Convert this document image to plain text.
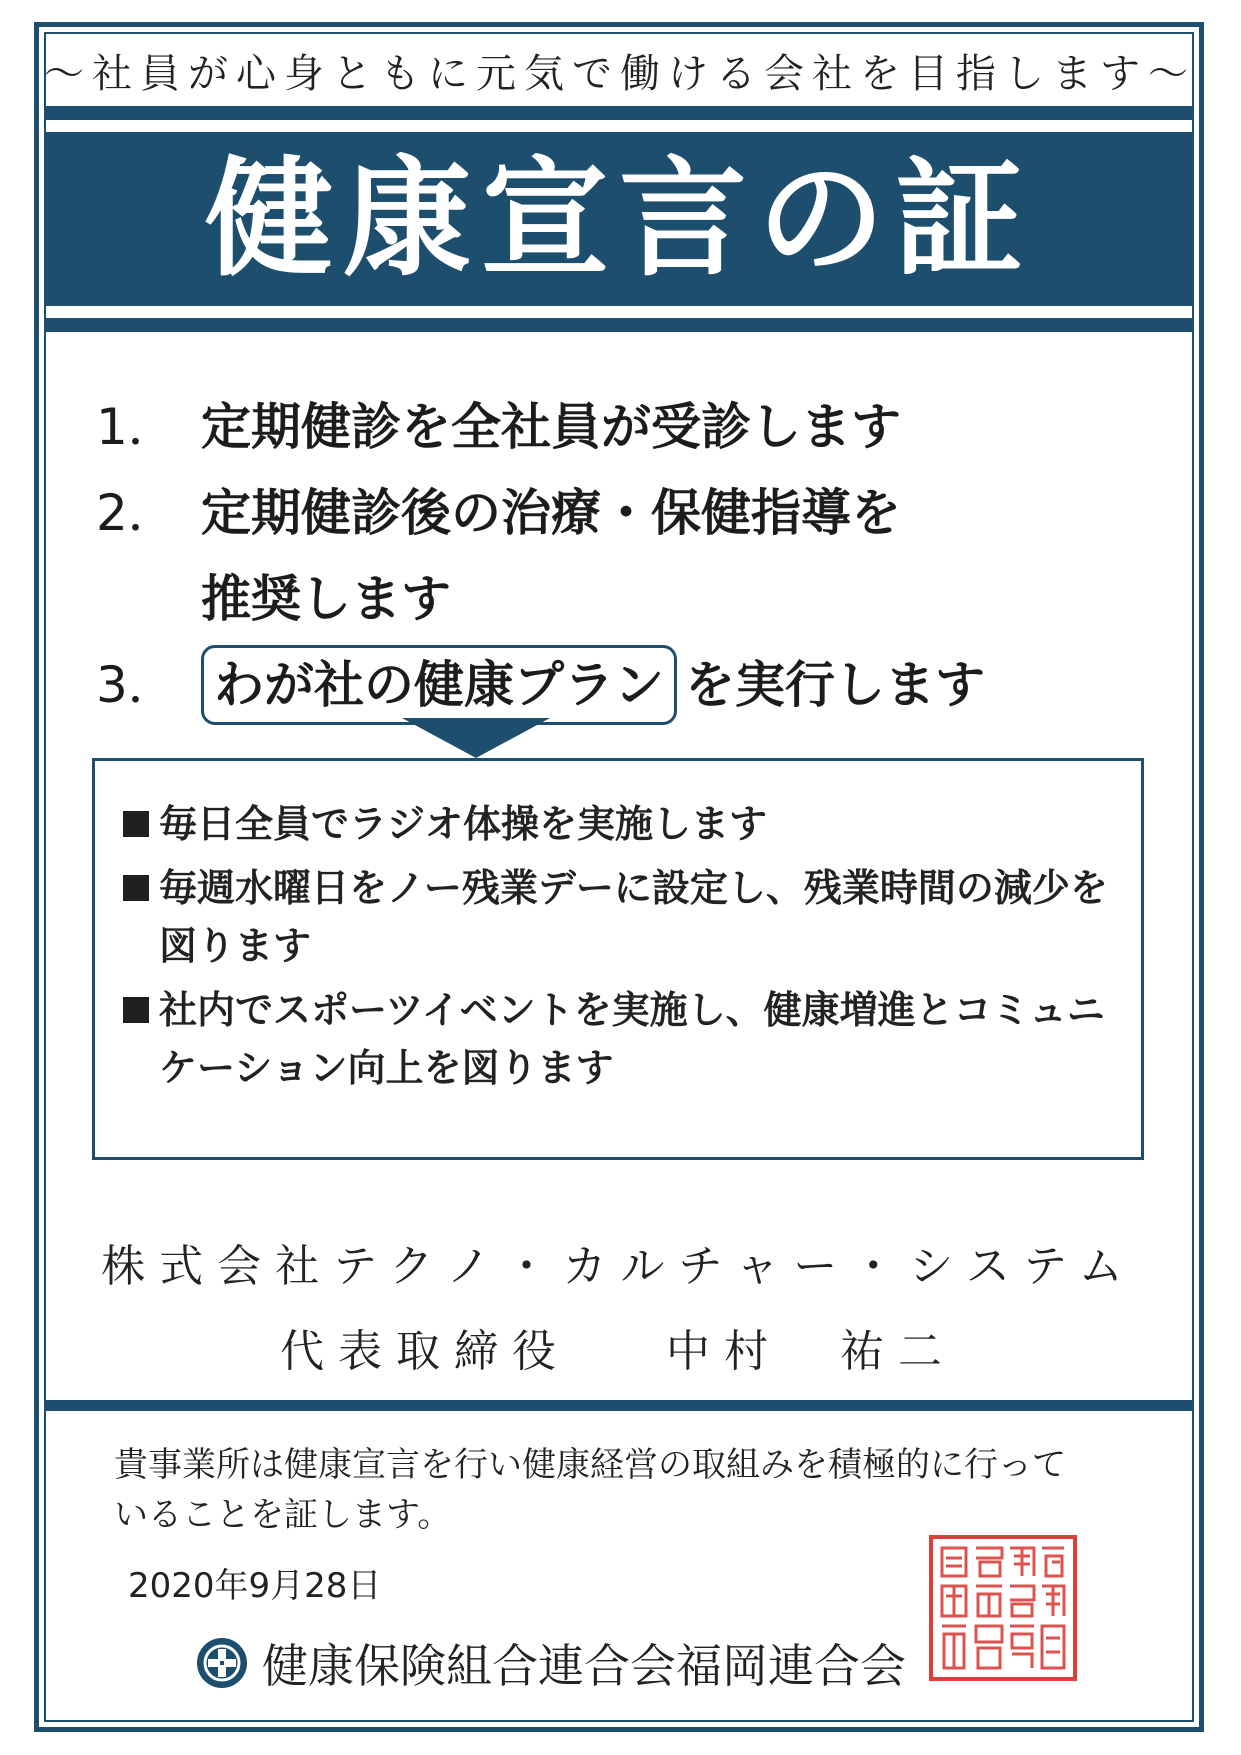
～社員が心身ともに元気で働ける会社を目指します～
健康宣言の証
1． 定期健診を全社員が受診します
2． 定期健診後の治療・保健指導を
推奨します
3． わが社の健康プラン を実行します
毎日全員でラジオ体操を実施します
毎週水曜日をノー残業デーに設定し、残業時間の減少を図ります
社内でスポーツイベントを実施し、健康増進とコミュニケーション向上を図ります
株式会社テクノ・カルチャー・システム
代表取締役 中村　祐二
貴事業所は健康宣言を行い健康経営の取組みを積極的に行っていることを証します。
2020年9月28日
健康保険組合連合会福岡連合会
